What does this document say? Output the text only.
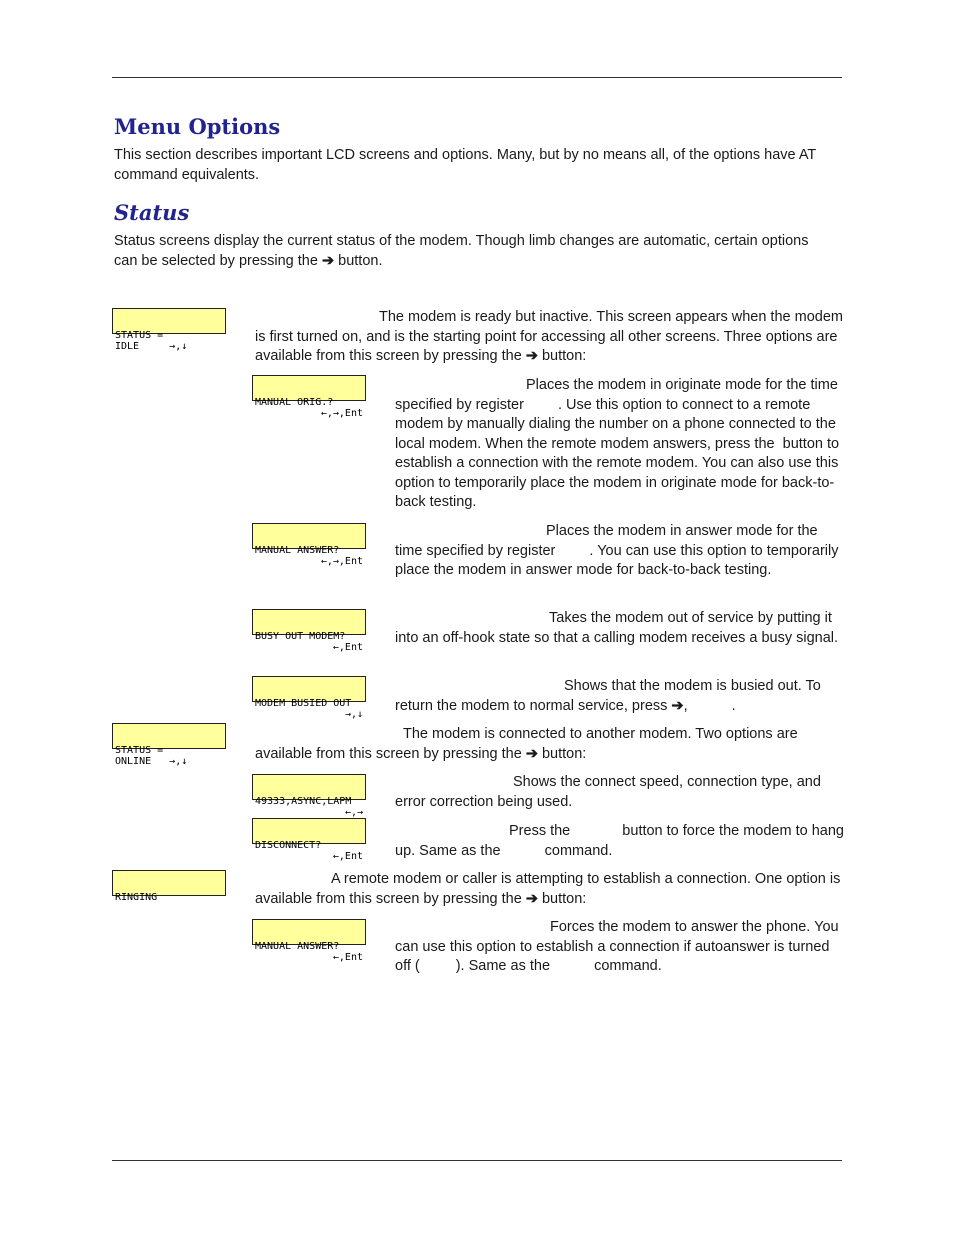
Menu Options

This section describes important LCD screens and options. Many, but by no means all, of the options have AT command equivalents.

Status

Status screens display the current status of the modem. Though limb changes are automatic, certain options can be selected by pressing the ➔ button.

STATUS =
IDLE     →,↓

MANUAL ORIG.?
←,→,Ent

MANUAL ANSWER?
←,→,Ent

BUSY OUT MODEM?
←,Ent

MODEM BUSIED OUT
→,↓

STATUS =
ONLINE   →,↓

49333,ASYNC,LAPM
←,→

DISCONNECT?
←,Ent

RINGING

MANUAL ANSWER?
←,Ent

The modem is ready but inactive. This screen appears when the modem is first turned on, and is the starting point for accessing all other screens. Three options are available from this screen by pressing the ➔ button:

Places the modem in originate mode for the time specified by register . Use this option to connect to a remote modem by manually dialing the number on a phone connected to the local modem. When the remote modem answers, press the  button to establish a connection with the remote modem. You can also use this option to temporarily place the modem in originate mode for back-to-back testing.

Places the modem in answer mode for the time specified by register . You can use this option to temporarily place the modem in answer mode for back-to-back testing.

Takes the modem out of service by putting it into an off-hook state so that a calling modem receives a busy signal.

Shows that the modem is busied out. To return the modem to normal service, press ➔,	.

The modem is connected to another modem. Two options are available from this screen by pressing the ➔ button:

Shows the connect speed, connection type, and error correction being used.

Press the	button to force the modem to hang up. Same as the  command.

A remote modem or caller is attempting to establish a connection. One option is available from this screen by pressing the ➔ button:

Forces the modem to answer the phone. You can use this option to establish a connection if autoanswer is turned off ( ). Same as the  command.
